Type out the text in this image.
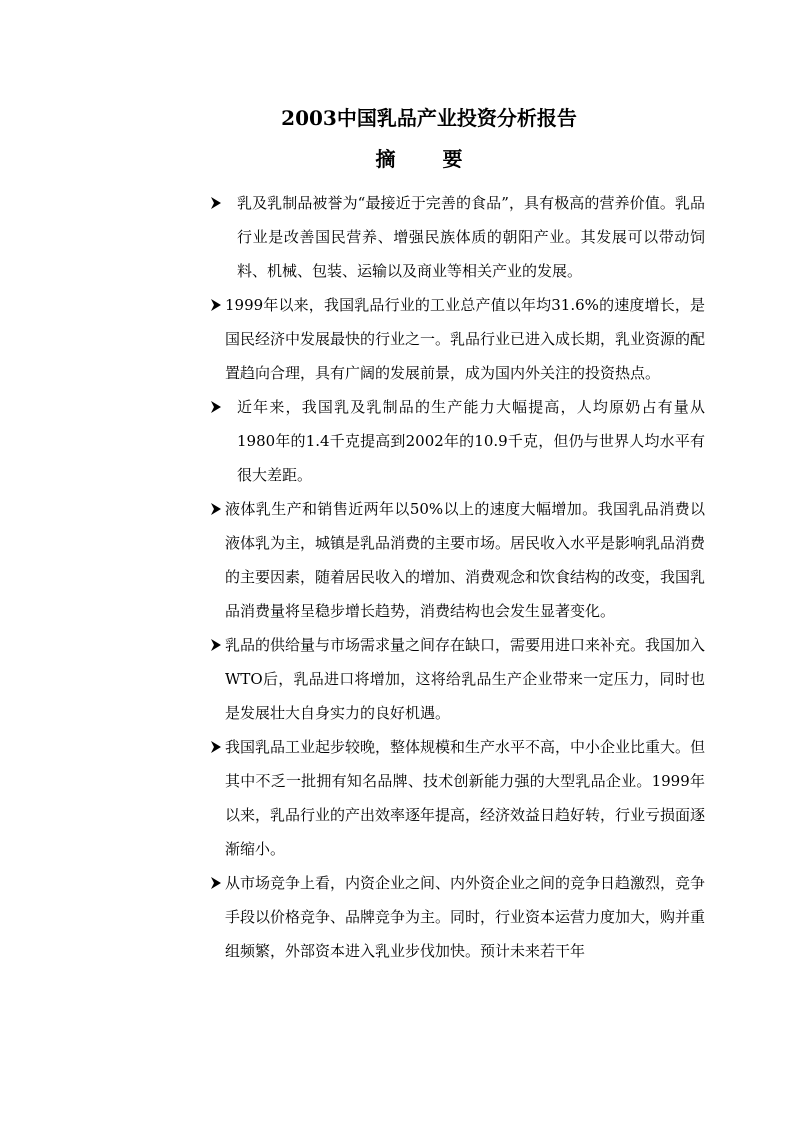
2003中国乳品产业投资分析报告
摘 要
乳及乳制品被誉为“最接近于完善的食品”，具有极高的营养价值。乳品行业是改善国民营养、增强民族体质的朝阳产业。其发展可以带动饲料、机械、包装、运输以及商业等相关产业的发展。
1999年以来，我国乳品行业的工业总产值以年均31.6%的速度增长，是国民经济中发展最快的行业之一。乳品行业已进入成长期，乳业资源的配置趋向合理，具有广阔的发展前景，成为国内外关注的投资热点。
近年来，我国乳及乳制品的生产能力大幅提高，人均原奶占有量从1980年的1.4千克提高到2002年的10.9千克，但仍与世界人均水平有很大差距。
液体乳生产和销售近两年以50%以上的速度大幅增加。我国乳品消费以液体乳为主，城镇是乳品消费的主要市场。居民收入水平是影响乳品消费的主要因素，随着居民收入的增加、消费观念和饮食结构的改变，我国乳品消费量将呈稳步增长趋势，消费结构也会发生显著变化。
乳品的供给量与市场需求量之间存在缺口，需要用进口来补充。我国加入WTO后，乳品进口将增加，这将给乳品生产企业带来一定压力，同时也是发展壮大自身实力的良好机遇。
我国乳品工业起步较晚，整体规模和生产水平不高，中小企业比重大。但其中不乏一批拥有知名品牌、技术创新能力强的大型乳品企业。1999年以来，乳品行业的产出效率逐年提高，经济效益日趋好转，行业亏损面逐渐缩小。
从市场竞争上看，内资企业之间、内外资企业之间的竞争日趋激烈，竞争手段以价格竞争、品牌竞争为主。同时，行业资本运营力度加大，购并重组频繁，外部资本进入乳业步伐加快。预计未来若干年
